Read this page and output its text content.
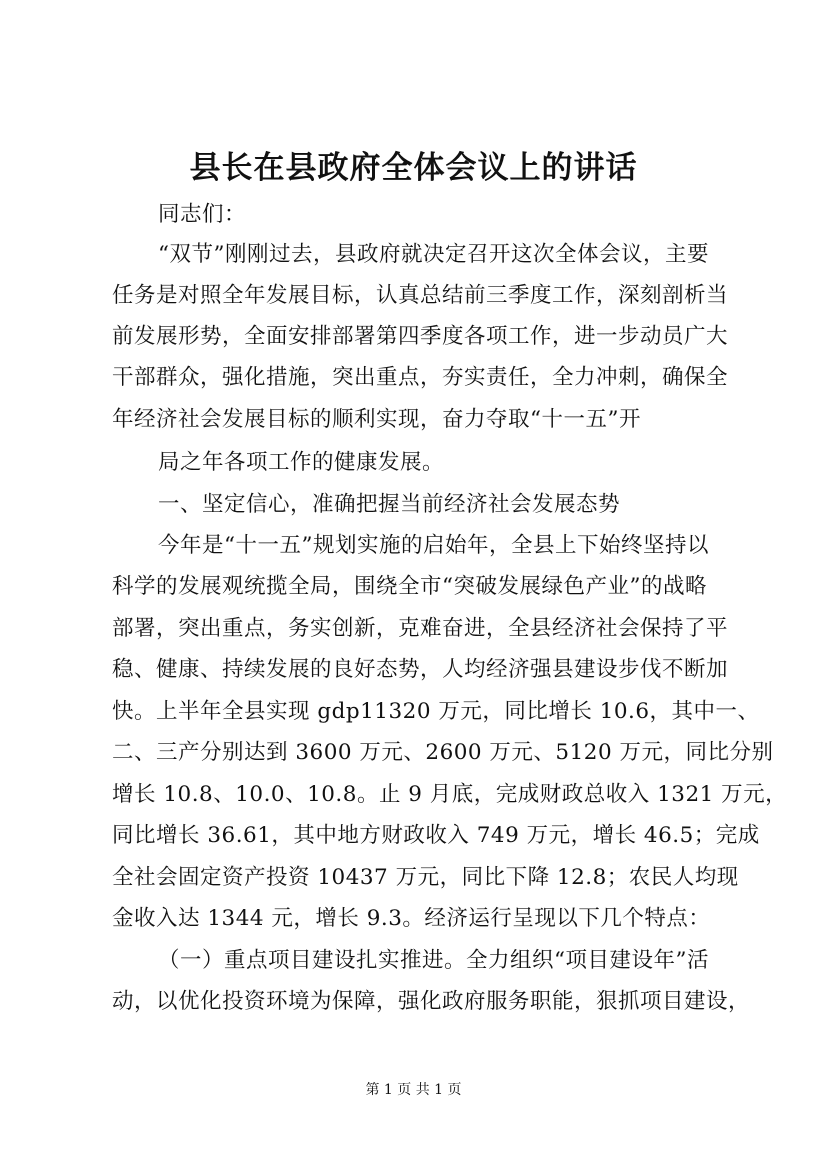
县长在县政府全体会议上的讲话

同志们：

“双节”刚刚过去，县政府就决定召开这次全体会议，主要

任务是对照全年发展目标，认真总结前三季度工作，深刻剖析当

前发展形势，全面安排部署第四季度各项工作，进一步动员广大

干部群众，强化措施，突出重点，夯实责任，全力冲刺，确保全

年经济社会发展目标的顺利实现，奋力夺取“十一五”开

局之年各项工作的健康发展。

一、坚定信心，准确把握当前经济社会发展态势

今年是“十一五”规划实施的启始年，全县上下始终坚持以

科学的发展观统揽全局，围绕全市“突破发展绿色产业”的战略

部署，突出重点，务实创新，克难奋进，全县经济社会保持了平

稳、健康、持续发展的良好态势，人均经济强县建设步伐不断加

快。上半年全县实现 gdp11320 万元，同比增长 10.6，其中一、

二、三产分别达到 3600 万元、2600 万元、5120 万元，同比分别

增长 10.8、10.0、10.8。止 9 月底，完成财政总收入 1321 万元，

同比增长 36.61，其中地方财政收入 749 万元，增长 46.5；完成

全社会固定资产投资 10437 万元，同比下降 12.8；农民人均现

金收入达 1344 元，增长 9.3。经济运行呈现以下几个特点：

（一）重点项目建设扎实推进。全力组织“项目建设年”活

动，以优化投资环境为保障，强化政府服务职能，狠抓项目建设，

第 1 页 共 1 页
